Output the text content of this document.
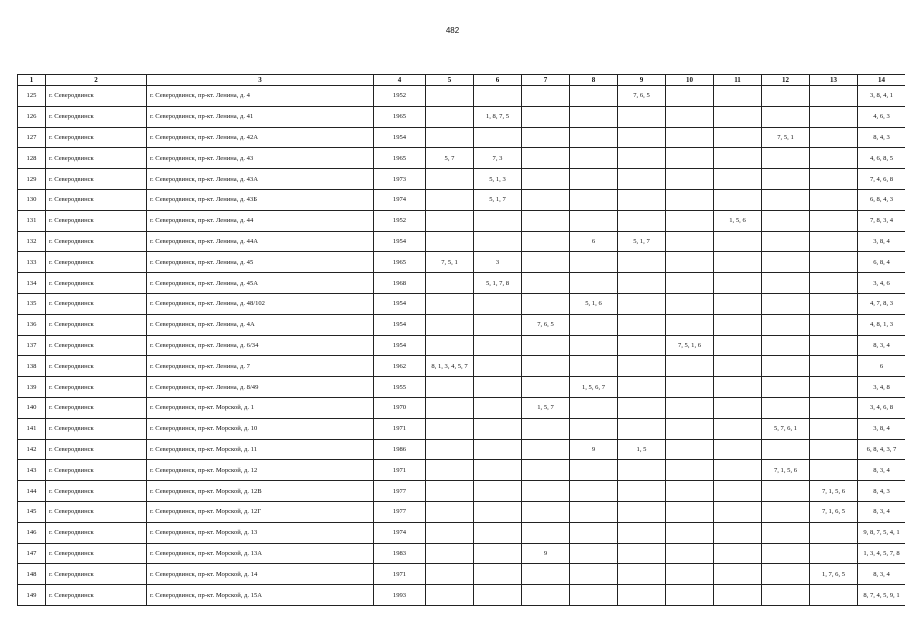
482
1	2	3	4	5	6	7	8	9	10	11	12	13	14
125	г. Северодвинск	г. Северодвинск, пр-кт. Ленина, д. 4	1952					7, 6, 5					3, 8, 4, 1
126	г. Северодвинск	г. Северодвинск, пр-кт. Ленина, д. 41	1965		1, 8, 7, 5								4, 6, 3
127	г. Северодвинск	г. Северодвинск, пр-кт. Ленина, д. 42А	1954								7, 5, 1		8, 4, 3
128	г. Северодвинск	г. Северодвинск, пр-кт. Ленина, д. 43	1965	5, 7	7, 3								4, 6, 8, 5
129	г. Северодвинск	г. Северодвинск, пр-кт. Ленина, д. 43А	1973		5, 1, 3								7, 4, 6, 8
130	г. Северодвинск	г. Северодвинск, пр-кт. Ленина, д. 43Б	1974		5, 1, 7								6, 8, 4, 3
131	г. Северодвинск	г. Северодвинск, пр-кт. Ленина, д. 44	1952							1, 5, 6			7, 8, 3, 4
132	г. Северодвинск	г. Северодвинск, пр-кт. Ленина, д. 44А	1954				6	5, 1, 7					3, 8, 4
133	г. Северодвинск	г. Северодвинск, пр-кт. Ленина, д. 45	1965	7, 5, 1	3								6, 8, 4
134	г. Северодвинск	г. Северодвинск, пр-кт. Ленина, д. 45А	1968		5, 1, 7, 8								3, 4, 6
135	г. Северодвинск	г. Северодвинск, пр-кт. Ленина, д. 48/102	1954				5, 1, 6						4, 7, 8, 3
136	г. Северодвинск	г. Северодвинск, пр-кт. Ленина, д. 4А	1954			7, 6, 5							4, 8, 1, 3
137	г. Северодвинск	г. Северодвинск, пр-кт. Ленина, д. 6/34	1954						7, 5, 1, 6				8, 3, 4
138	г. Северодвинск	г. Северодвинск, пр-кт. Ленина, д. 7	1962	8, 1, 3, 4, 5, 7									6
139	г. Северодвинск	г. Северодвинск, пр-кт. Ленина, д. 8/49	1955				1, 5, 6, 7						3, 4, 8
140	г. Северодвинск	г. Северодвинск, пр-кт. Морской, д. 1	1970			1, 5, 7							3, 4, 6, 8
141	г. Северодвинск	г. Северодвинск, пр-кт. Морской, д. 10	1971								5, 7, 6, 1		3, 8, 4
142	г. Северодвинск	г. Северодвинск, пр-кт. Морской, д. 11	1986				9	1, 5					6, 8, 4, 3, 7
143	г. Северодвинск	г. Северодвинск, пр-кт. Морской, д. 12	1971								7, 1, 5, 6		8, 3, 4
144	г. Северодвинск	г. Северодвинск, пр-кт. Морской, д. 12В	1977									7, 1, 5, 6	8, 4, 3
145	г. Северодвинск	г. Северодвинск, пр-кт. Морской, д. 12Г	1977									7, 1, 6, 5	8, 3, 4
146	г. Северодвинск	г. Северодвинск, пр-кт. Морской, д. 13	1974										9, 8, 7, 5, 4, 1
147	г. Северодвинск	г. Северодвинск, пр-кт. Морской, д. 13А	1983			9							1, 3, 4, 5, 7, 8
148	г. Северодвинск	г. Северодвинск, пр-кт. Морской, д. 14	1971									1, 7, 6, 5	8, 3, 4
149	г. Северодвинск	г. Северодвинск, пр-кт. Морской, д. 15А	1993										8, 7, 4, 5, 9, 1
